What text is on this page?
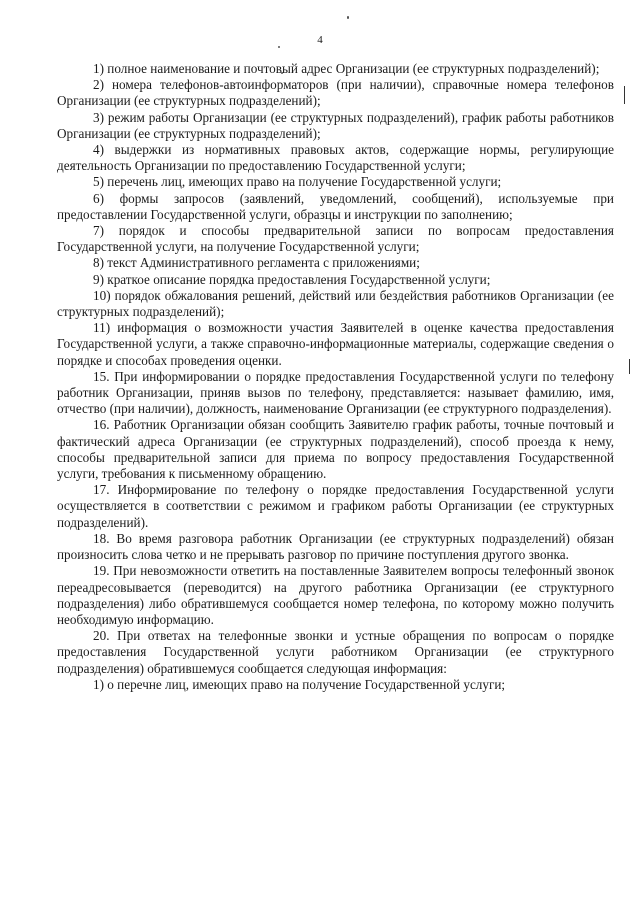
4

1) полное наименование и почтовый адрес Организации (ее структурных подразделений);

2) номера телефонов-автоинформаторов (при наличии), справочные номера телефонов Организации (ее структурных подразделений);

3) режим работы Организации (ее структурных подразделений), график работы работников Организации (ее структурных подразделений);

4) выдержки из нормативных правовых актов, содержащие нормы, регулирующие деятельность Организации по предоставлению Государственной услуги;

5) перечень лиц, имеющих право на получение Государственной услуги;

6) формы запросов (заявлений, уведомлений, сообщений), используемые при предоставлении Государственной услуги, образцы и инструкции по заполнению;

7) порядок и способы предварительной записи по вопросам предоставления Государственной услуги, на получение Государственной услуги;

8) текст Административного регламента с приложениями;

9) краткое описание порядка предоставления Государственной услуги;

10) порядок обжалования решений, действий или бездействия работников Организации (ее структурных подразделений);

11) информация о возможности участия Заявителей в оценке качества предоставления Государственной услуги, а также справочно-информационные материалы, содержащие сведения о порядке и способах проведения оценки.

15. При информировании о порядке предоставления Государственной услуги по телефону работник Организации, приняв вызов по телефону, представляется: называет фамилию, имя, отчество (при наличии), должность, наименование Организации (ее структурного подразделения).

16. Работник Организации обязан сообщить Заявителю график работы, точные почтовый и фактический адреса Организации (ее структурных подразделений), способ проезда к нему, способы предварительной записи для приема по вопросу предоставления Государственной услуги, требования к письменному обращению.

17. Информирование по телефону о порядке предоставления Государственной услуги осуществляется в соответствии с режимом и графиком работы Организации (ее структурных подразделений).

18. Во время разговора работник Организации (ее структурных подразделений) обязан произносить слова четко и не прерывать разговор по причине поступления другого звонка.

19. При невозможности ответить на поставленные Заявителем вопросы телефонный звонок переадресовывается (переводится) на другого работника Организации (ее структурного подразделения) либо обратившемуся сообщается номер телефона, по которому можно получить необходимую информацию.

20. При ответах на телефонные звонки и устные обращения по вопросам о порядке предоставления Государственной услуги работником Организации (ее структурного подразделения) обратившемуся сообщается следующая информация:

1) о перечне лиц, имеющих право на получение Государственной услуги;
